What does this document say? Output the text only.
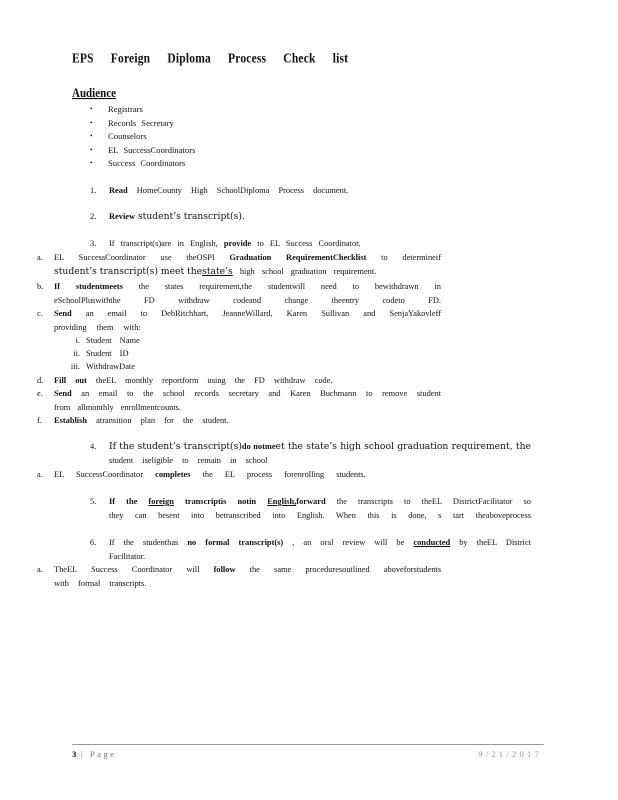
EPS Foreign Diploma Process Check list
Audience
• Registrars
• Records Secretary
• Counselors
• EL SuccessCoordinators
• Success Coordinators
1. Read HomeCounty High SchoolDiploma Process document.
2. Review student’s transcript(s).
3. If transcript(s)are in English, provide to EL Success Coordinator.
a. EL SuccessCoordinator use theOSPI Graduation RequirementChecklist to determineif
student’s transcript(s) meet thestate’s high school graduation requirement.
b. If studentmeets the states requirement,the studentwill need to bewithdrawn in
eSchoolPluswiththe FD withdraw codeand change theentry codeto FD.
c. Send an email to DebRitchhart, JeanneWillard, Karen Sullivan and SenjaYakovleff
providing them with:
i. Student Name
ii. Student ID
iii. WithdrawDate
d. Fill out theEL monthly reportform using the FD withdraw code.
e. Send an email to the school records secretary and Karen Buchmann to remove student
from allmonthly enrollmentcounts.
f. Establish atransition plan for the student.
4. If the student’s transcript(s)do notmeet the state’s high school graduation requirement, the
student iseligible to remain in school
a. EL SuccessCoordinator completes the EL process forenrolling students.
5. If the foreign transcriptis notin English,forward the transcripts to theEL DistrictFacilitator so
they can besent into betranscribed into English. When this is done, s tart theaboveprocess
6. If the studenthas no formal transcript(s) , an oral review will be conducted by theEL District
Facilitator.
a. TheEL Success Coordinator will follow the same proceduresoutlined aboveforstudents
with formal transcripts.
3 | Page	9/21/2017
